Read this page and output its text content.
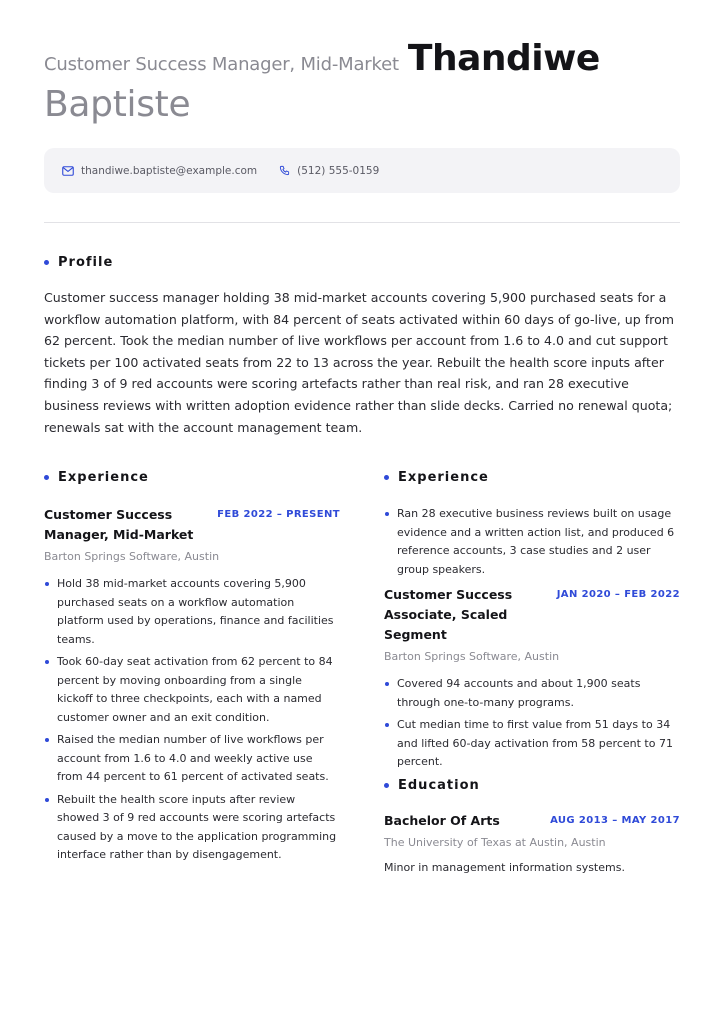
Customer Success Manager, Mid-Market Thandiwe
Baptiste
thandiwe.baptiste@example.com	(512) 555-0159
Profile
Customer success manager holding 38 mid-market accounts covering 5,900 purchased seats for a workflow automation platform, with 84 percent of seats activated within 60 days of go-live, up from 62 percent. Took the median number of live workflows per account from 1.6 to 4.0 and cut support tickets per 100 activated seats from 22 to 13 across the year. Rebuilt the health score inputs after finding 3 of 9 red accounts were scoring artefacts rather than real risk, and ran 28 executive business reviews with written adoption evidence rather than slide decks. Carried no renewal quota; renewals sat with the account management team.
Experience
Customer Success Manager, Mid-Market
FEB 2022 – PRESENT
Barton Springs Software, Austin
Hold 38 mid-market accounts covering 5,900 purchased seats on a workflow automation platform used by operations, finance and facilities teams.
Took 60-day seat activation from 62 percent to 84 percent by moving onboarding from a single kickoff to three checkpoints, each with a named customer owner and an exit condition.
Raised the median number of live workflows per account from 1.6 to 4.0 and weekly active use from 44 percent to 61 percent of activated seats.
Rebuilt the health score inputs after review showed 3 of 9 red accounts were scoring artefacts caused by a move to the application programming interface rather than by disengagement.
Experience
Ran 28 executive business reviews built on usage evidence and a written action list, and produced 6 reference accounts, 3 case studies and 2 user group speakers.
Customer Success Associate, Scaled Segment
JAN 2020 – FEB 2022
Barton Springs Software, Austin
Covered 94 accounts and about 1,900 seats through one-to-many programs.
Cut median time to first value from 51 days to 34 and lifted 60-day activation from 58 percent to 71 percent.
Education
Bachelor Of Arts	AUG 2013 – MAY 2017
The University of Texas at Austin, Austin
Minor in management information systems.
